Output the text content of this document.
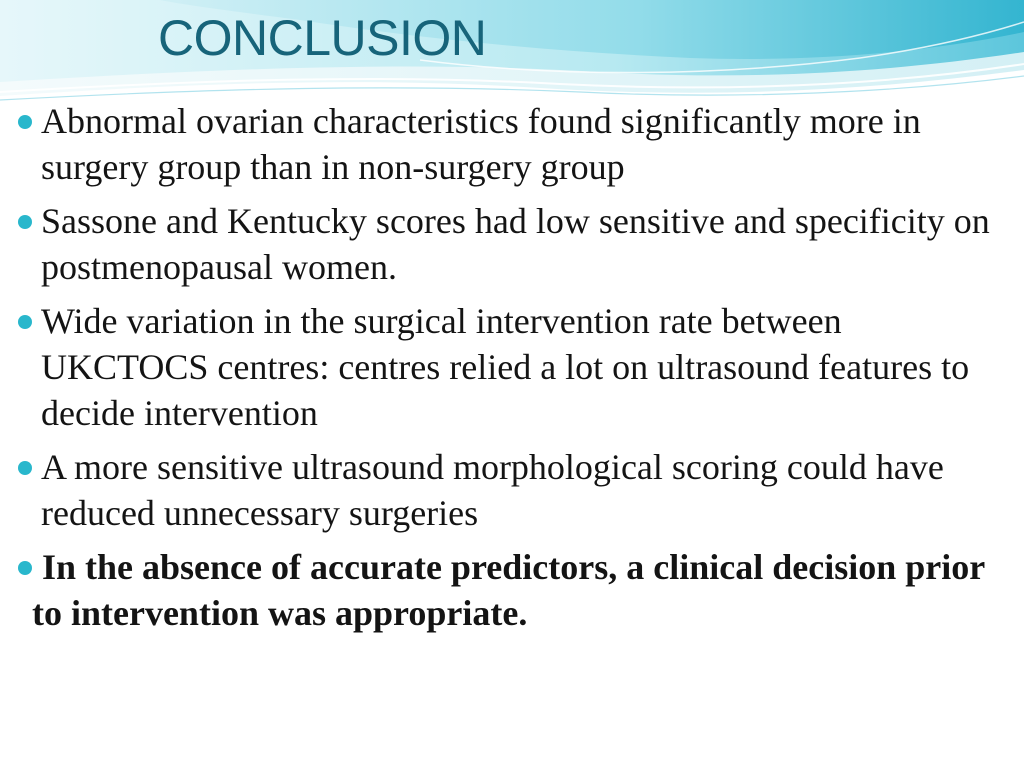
CONCLUSION
Abnormal ovarian characteristics found significantly more in surgery group than in non-surgery group
Sassone and Kentucky scores had low sensitive and specificity on postmenopausal women.
Wide variation in the surgical intervention rate between UKCTOCS centres: centres relied a lot on ultrasound features to decide intervention
A more sensitive ultrasound morphological scoring could have reduced unnecessary surgeries
In the absence of accurate predictors, a clinical decision prior to intervention was appropriate.
